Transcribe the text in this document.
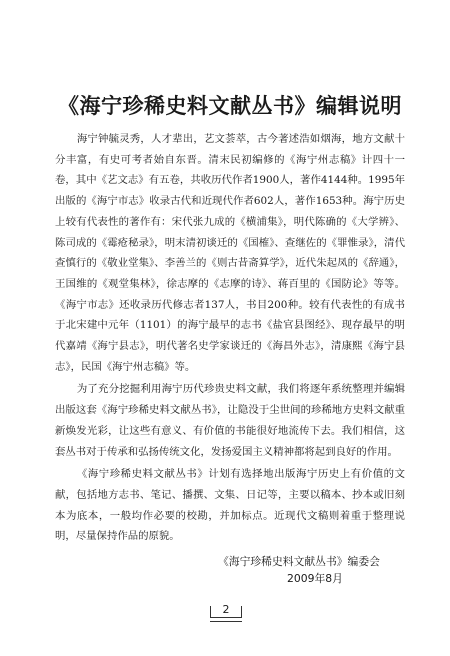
《海宁珍稀史料文献丛书》编辑说明

海宁钟毓灵秀，人才辈出，艺文荟萃，古今著述浩如烟海，地方文献十分丰富，有史可考者始自东晋。清末民初编修的《海宁州志稿》计四十一卷，其中《艺文志》有五卷，共收历代作者1900人，著作4144种。1995年出版的《海宁市志》收录古代和近现代作者602人，著作1653种。海宁历史上较有代表性的著作有：宋代张九成的《横浦集》，明代陈确的《大学辨》、陈司成的《霉疮秘录》，明末清初谈迁的《国榷》、查继佐的《罪惟录》，清代查慎行的《敬业堂集》、李善兰的《则古昔斋算学》，近代朱起凤的《辞通》，王国维的《观堂集林》，徐志摩的《志摩的诗》、蒋百里的《国防论》等等。《海宁市志》还收录历代修志者137人，书目200种。较有代表性的有成书于北宋建中元年（1101）的海宁最早的志书《盐官县图经》、现存最早的明代嘉靖《海宁县志》，明代著名史学家谈迁的《海昌外志》，清康熙《海宁县志》，民国《海宁州志稿》等。

为了充分挖掘利用海宁历代珍贵史料文献，我们将逐年系统整理并编辑出版这套《海宁珍稀史料文献丛书》，让隐没于尘世间的珍稀地方史料文献重新焕发光彩，让这些有意义、有价值的书能很好地流传下去。我们相信，这套丛书对于传承和弘扬传统文化，发扬爱国主义精神都将起到良好的作用。

《海宁珍稀史料文献丛书》计划有选择地出版海宁历史上有价值的文献，包括地方志书、笔记、播撰、文集、日记等，主要以稿本、抄本或旧刻本为底本，一般均作必要的校勘，并加标点。近现代文稿则着重于整理说明，尽量保持作品的原貌。

《海宁珍稀史料文献丛书》编委会
2009年8月
2
